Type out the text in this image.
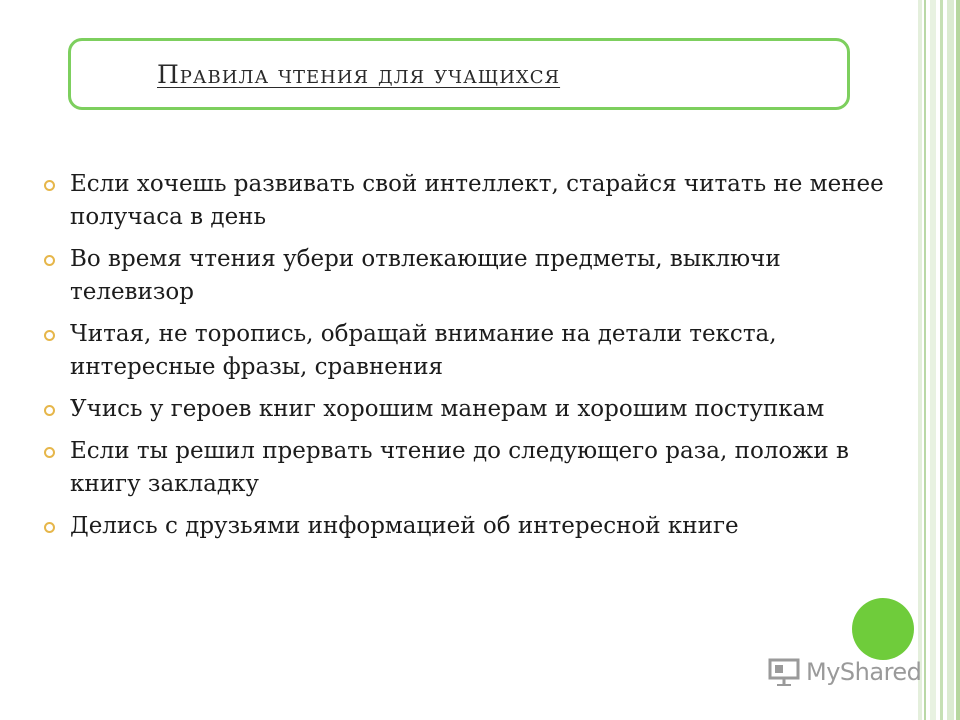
Правила чтения для учащихся
Если хочешь развивать свой интеллект, старайся читать не менее получаса в день
Во время чтения убери отвлекающие предметы, выключи телевизор
Читая, не торопись, обращай внимание на детали текста, интересные фразы, сравнения
Учись у героев книг хорошим манерам и хорошим поступкам
Если ты решил прервать чтение до следующего раза, положи в книгу закладку
Делись с друзьями информацией об интересной книге
MyShared
